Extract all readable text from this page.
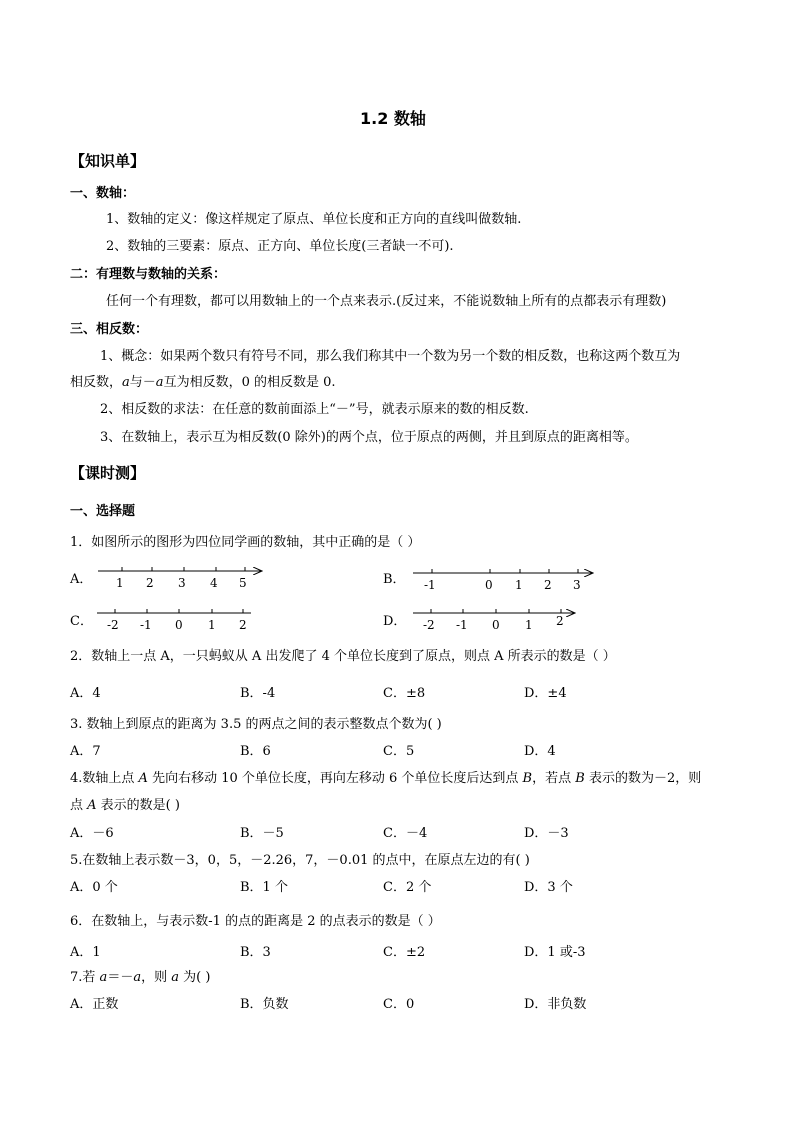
1.2 数轴
【知识单】
一、数轴：
1、数轴的定义：像这样规定了原点、单位长度和正方向的直线叫做数轴.
2、数轴的三要素：原点、正方向、单位长度(三者缺一不可).
二：有理数与数轴的关系：
任何一个有理数，都可以用数轴上的一个点来表示.(反过来，不能说数轴上所有的点都表示有理数)
三、相反数：
1、概念：如果两个数只有符号不同，那么我们称其中一个数为另一个数的相反数，也称这两个数互为
相反数，a与－a互为相反数，0 的相反数是 0.
2、相反数的求法：在任意的数前面添上“－”号，就表示原来的数的相反数.
3、在数轴上，表示互为相反数(0 除外)的两个点，位于原点的两侧，并且到原点的距离相等。
【课时测】
一、选择题
1．如图所示的图形为四位同学画的数轴，其中正确的是（ ）
A． 1 2 3 4 5	B． -1	0 1 2 3
C． -2 -1 0 1 2	D． -2 -1 0 1 2
2．数轴上一点 A，一只蚂蚁从 A 出发爬了 4 个单位长度到了原点，则点 A 所表示的数是（ ）
A．4	B．-4	C．±8	D．±4
3. 数轴上到原点的距离为 3.5 的两点之间的表示整数点个数为( )
A．7	B．6	C．5	D．4
4.数轴上点 A 先向右移动 10 个单位长度，再向左移动 6 个单位长度后达到点 B，若点 B 表示的数为－2，则
点 A 表示的数是( )
A．－6	B．－5	C．－4	D．－3
5.在数轴上表示数－3，0，5，－2.26，7，－0.01 的点中，在原点左边的有( )
A．0 个	B．1 个	C．2 个	D．3 个
6．在数轴上，与表示数-1 的点的距离是 2 的点表示的数是（ ）
A．1	B．3	C．±2	D．1 或-3
7.若 a＝－a，则 a 为( )
A．正数	B．负数	C．0	D．非负数
